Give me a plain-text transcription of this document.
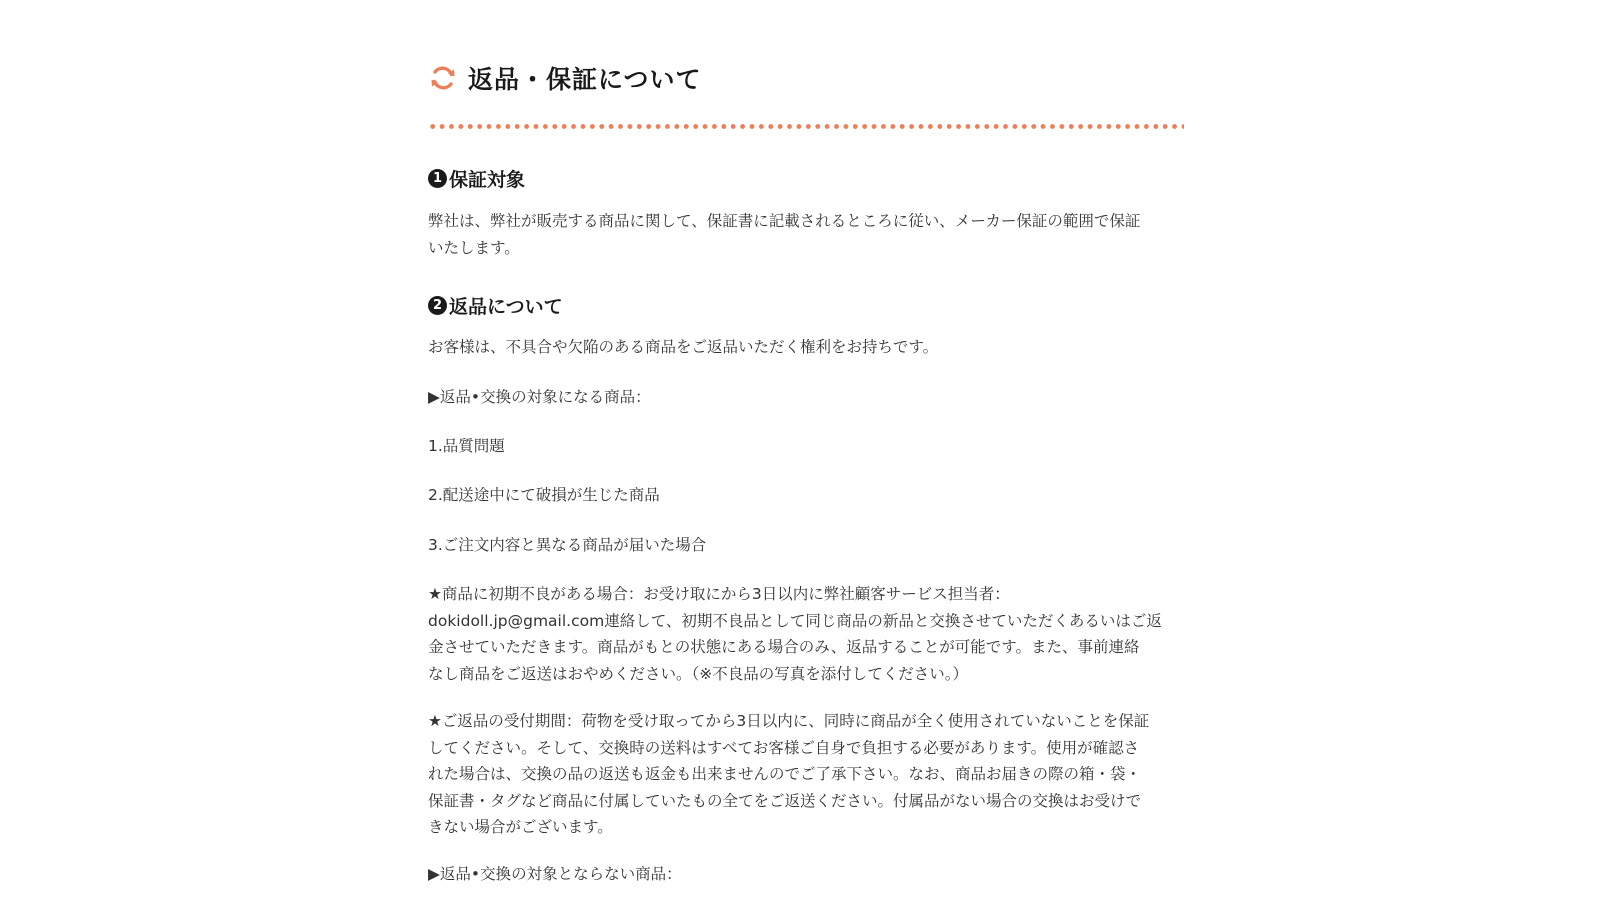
返品・保証について
1 保証対象
弊社は、弊社が販売する商品に関して、保証書に記載されるところに従い、メーカー保証の範囲で保証
いたします。
2 返品について
お客様は、不具合や欠陥のある商品をご返品いただく権利をお持ちです。
▶返品•交換の対象になる商品：
1.品質問題
2.配送途中にて破損が生じた商品
3.ご注文内容と異なる商品が届いた場合
★商品に初期不良がある場合：お受け取にから3日以内に弊社顧客サービス担当者：
dokidoll.jp@gmail.com連絡して、初期不良品として同じ商品の新品と交換させていただくあるいはご返
金させていただきます。商品がもとの状態にある場合のみ、返品することが可能です。また、事前連絡
なし商品をご返送はおやめください。（※不良品の写真を添付してください。）
★ご返品の受付期間：荷物を受け取ってから3日以内に、同時に商品が全く使用されていないことを保証
してください。そして、交換時の送料はすべてお客様ご自身で負担する必要があります。使用が確認さ
れた場合は、交換の品の返送も返金も出来ませんのでご了承下さい。なお、商品お届きの際の箱・袋・
保証書・タグなど商品に付属していたもの全てをご返送ください。付属品がない場合の交換はお受けで
きない場合がございます。
▶返品•交換の対象とならない商品：
